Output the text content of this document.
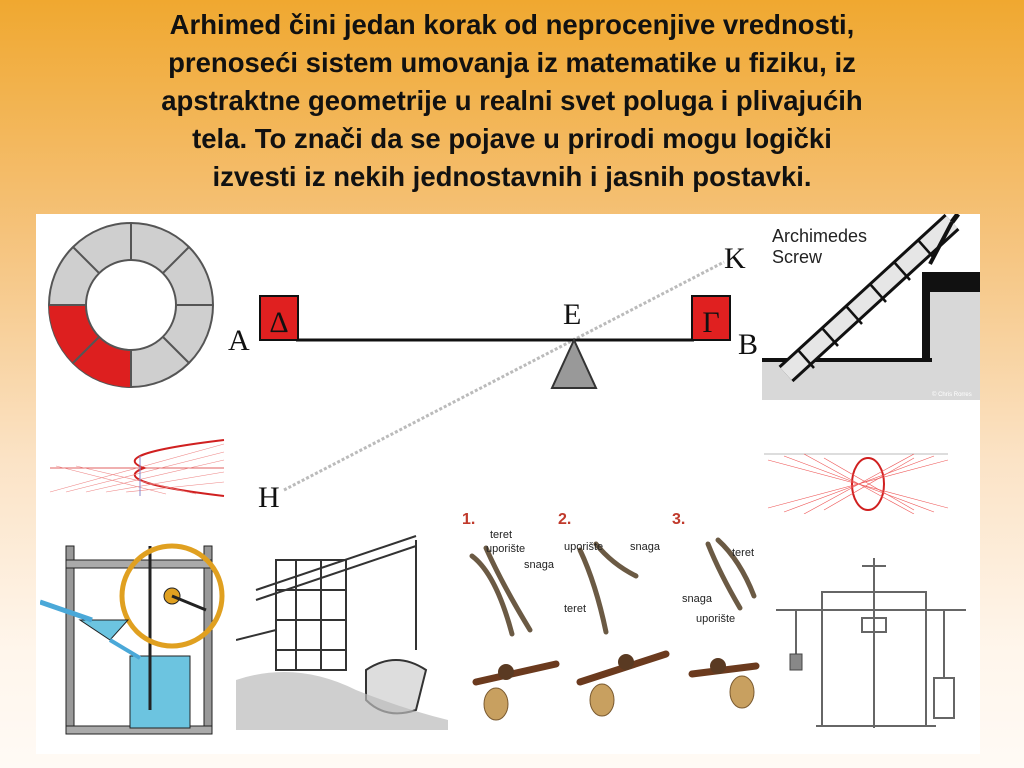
Arhimed čini jedan korak od neprocenjive vrednosti,
prenoseći sistem umovanja iz matematike u fiziku, iz
apstraktne geometrije u realni svet poluga i plivajućih
tela. To znači da se pojave u prirodi mogu logički
izvesti iz nekih jednostavnih i jasnih postavki.
Δ	Γ
A	B
E
K
H
Archimedes
Screw
© Chris Rorres
1.	2.	3.
teret
uporište
snaga
uporište snaga
teret
teret
snaga
uporište
